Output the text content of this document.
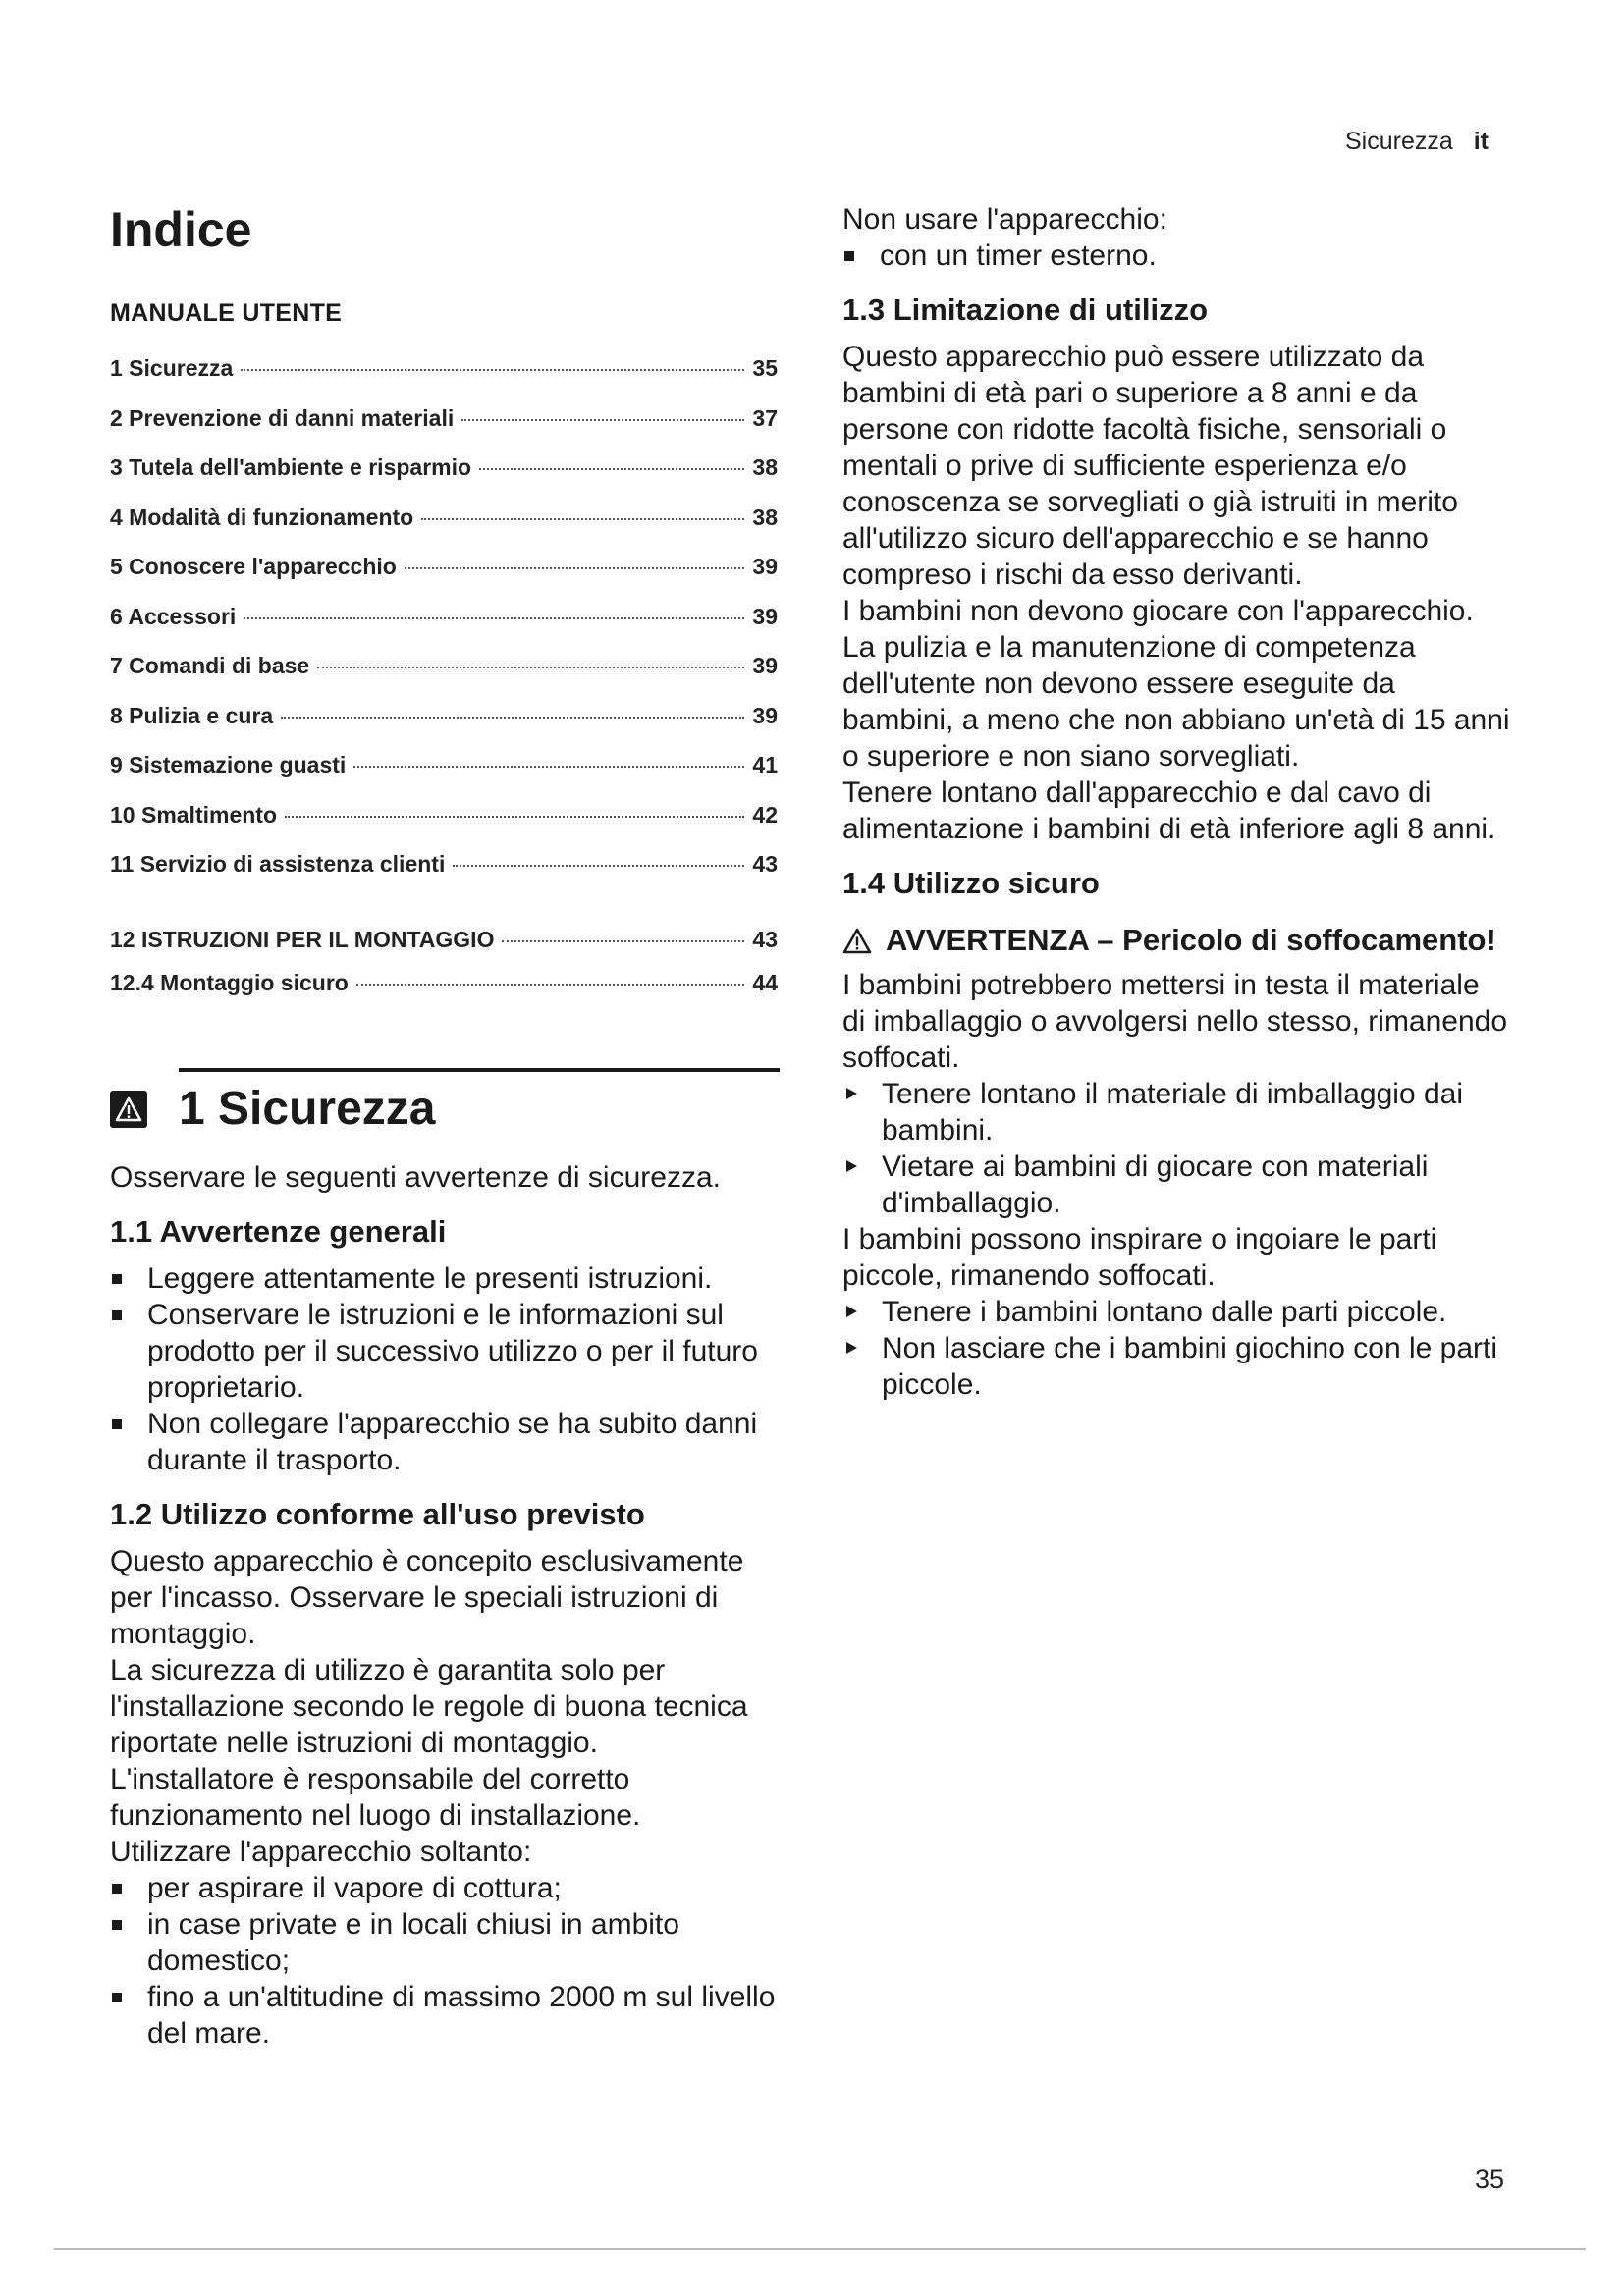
Sicurezza it
Indice
MANUALE UTENTE
1 Sicurezza	35
2 Prevenzione di danni materiali	37
3 Tutela dell'ambiente e risparmio	38
4 Modalità di funzionamento	38
5 Conoscere l'apparecchio	39
6 Accessori	39
7 Comandi di base	39
8 Pulizia e cura	39
9 Sistemazione guasti	41
10 Smaltimento	42
11 Servizio di assistenza clienti	43
12 ISTRUZIONI PER IL MONTAGGIO	43
12.4 Montaggio sicuro	44
1 Sicurezza

Osservare le seguenti avvertenze di sicurezza.

1.1 Avvertenze generali
Leggere attentamente le presenti istruzioni.
Conservare le istruzioni e le informazioni sul prodotto per il successivo utilizzo o per il futuro proprietario.
Non collegare l'apparecchio se ha subito danni durante il trasporto.
1.2 Utilizzo conforme all'uso previsto

Questo apparecchio è concepito esclusivamente per l'incasso. Osservare le speciali istruzioni di montaggio.

La sicurezza di utilizzo è garantita solo per l'installazione secondo le regole di buona tecnica riportate nelle istruzioni di montaggio.

L'installatore è responsabile del corretto funzionamento nel luogo di installazione.

Utilizzare l'apparecchio soltanto:

per aspirare il vapore di cottura;
in case private e in locali chiusi in ambito domestico;
fino a un'altitudine di massimo 2000 m sul livello del mare.

Non usare l'apparecchio:

con un timer esterno.
1.3 Limitazione di utilizzo

Questo apparecchio può essere utilizzato da bambini di età pari o superiore a 8 anni e da persone con ridotte facoltà fisiche, sensoriali o mentali o prive di sufficiente esperienza e/o conoscenza se sorvegliati o già istruiti in merito all'utilizzo sicuro dell'apparecchio e se hanno compreso i rischi da esso derivanti.

I bambini non devono giocare con l'apparecchio.

La pulizia e la manutenzione di competenza dell'utente non devono essere eseguite da bambini, a meno che non abbiano un'età di 15 anni o superiore e non siano sorvegliati.

Tenere lontano dall'apparecchio e dal cavo di alimentazione i bambini di età inferiore agli 8 anni.

1.4 Utilizzo sicuro
AVVERTENZA – Pericolo di soffocamento!

I bambini potrebbero mettersi in testa il materiale di imballaggio o avvolgersi nello stesso, rimanendo soffocati.

Tenere lontano il materiale di imballaggio dai bambini.
Vietare ai bambini di giocare con materiali d'imballaggio.

I bambini possono inspirare o ingoiare le parti piccole, rimanendo soffocati.

Tenere i bambini lontano dalle parti piccole.
Non lasciare che i bambini giochino con le parti piccole.
35
